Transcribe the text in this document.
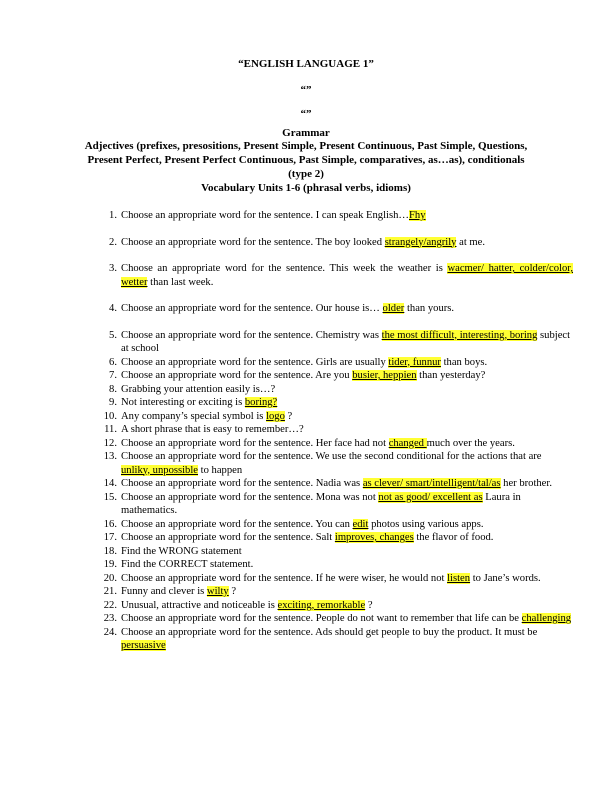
“ENGLISH LANGUAGE 1”
“”
“”
Grammar
Adjectives (prefixes, presositions, Present Simple, Present Continuous, Past Simple, Questions,
Present Perfect, Present Perfect Continuous, Past Simple, comparatives, as…as), conditionals
(type 2)
Vocabulary Units 1-6 (phrasal verbs, idioms)
1. Choose an appropriate word for the sentence. I can speak English…Fhy
2. Choose an appropriate word for the sentence. The boy looked strangely/angrily at me.
3. Choose an appropriate word for the sentence. This week the weather is wacmer/ hatter, colder/color, wetter than last week.
4. Choose an appropriate word for the sentence. Our house is… older than yours.
5. Choose an appropriate word for the sentence. Chemistry was the most difficult, interesting, boring subject at school
6. Choose an appropriate word for the sentence. Girls are usually tider, funnur than boys.
7. Choose an appropriate word for the sentence. Are you busier, heppien than yesterday?
8. Grabbing your attention easily is…?
9. Not interesting or exciting is boring?
10. Any company’s special symbol is logo ?
11. A short phrase that is easy to remember…?
12. Choose an appropriate word for the sentence. Her face had not changed much over the years.
13. Choose an appropriate word for the sentence. We use the second conditional for the actions that are unliky, unpossible to happen
14. Choose an appropriate word for the sentence. Nadia was as clever/ smart/intelligent/tal/as her brother.
15. Choose an appropriate word for the sentence. Mona was not not as good/ excellent as Laura in mathematics.
16. Choose an appropriate word for the sentence. You can edit photos using various apps.
17. Choose an appropriate word for the sentence. Salt improves, changes the flavor of food.
18. Find the WRONG statement
19. Find the CORRECT statement.
20. Choose an appropriate word for the sentence. If he were wiser, he would not listen to Jane’s words.
21. Funny and clever is wilty ?
22. Unusual, attractive and noticeable is exciting, remorkable ?
23. Choose an appropriate word for the sentence. People do not want to remember that life can be challenging
24. Choose an appropriate word for the sentence. Ads should get people to buy the product. It must be persuasive
